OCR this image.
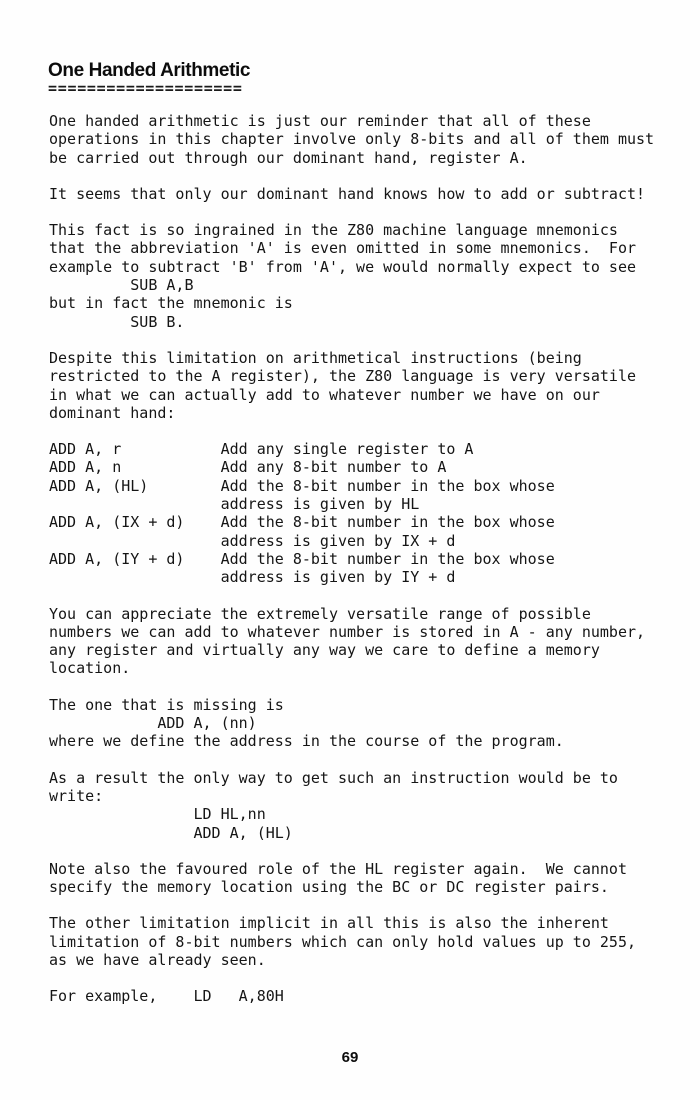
One Handed Arithmetic
====================
One handed arithmetic is just our reminder that all of these
operations in this chapter involve only 8-bits and all of them must
be carried out through our dominant hand, register A.
It seems that only our dominant hand knows how to add or subtract!
This fact is so ingrained in the Z80 machine language mnemonics
that the abbreviation 'A' is even omitted in some mnemonics.  For
example to subtract 'B' from 'A', we would normally expect to see
SUB A,B
but in fact the mnemonic is
SUB B.
Despite this limitation on arithmetical instructions (being
restricted to the A register), the Z80 language is very versatile
in what we can actually add to whatever number we have on our
dominant hand:
ADD A, r           Add any single register to A
ADD A, n           Add any 8-bit number to A
ADD A, (HL)        Add the 8-bit number in the box whose
address is given by HL
ADD A, (IX + d)    Add the 8-bit number in the box whose
address is given by IX + d
ADD A, (IY + d)    Add the 8-bit number in the box whose
address is given by IY + d
You can appreciate the extremely versatile range of possible
numbers we can add to whatever number is stored in A - any number,
any register and virtually any way we care to define a memory
location.
The one that is missing is
ADD A, (nn)
where we define the address in the course of the program.
As a result the only way to get such an instruction would be to
write:
LD HL,nn
ADD A, (HL)
Note also the favoured role of the HL register again.  We cannot
specify the memory location using the BC or DC register pairs.
The other limitation implicit in all this is also the inherent
limitation of 8-bit numbers which can only hold values up to 255,
as we have already seen.
For example,    LD   A,80H
69
